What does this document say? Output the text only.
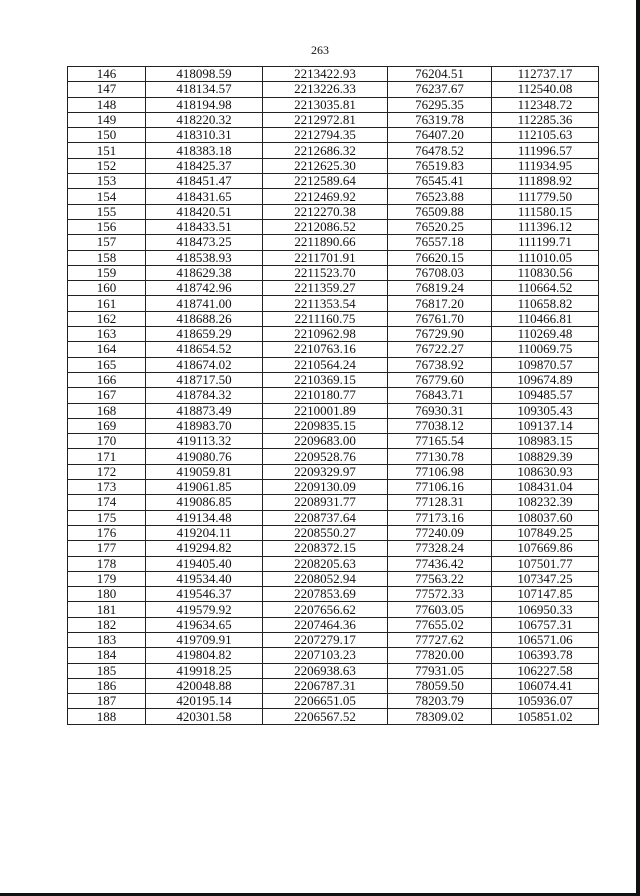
263
146	418098.59	2213422.93	76204.51	112737.17
147	418134.57	2213226.33	76237.67	112540.08
148	418194.98	2213035.81	76295.35	112348.72
149	418220.32	2212972.81	76319.78	112285.36
150	418310.31	2212794.35	76407.20	112105.63
151	418383.18	2212686.32	76478.52	111996.57
152	418425.37	2212625.30	76519.83	111934.95
153	418451.47	2212589.64	76545.41	111898.92
154	418431.65	2212469.92	76523.88	111779.50
155	418420.51	2212270.38	76509.88	111580.15
156	418433.51	2212086.52	76520.25	111396.12
157	418473.25	2211890.66	76557.18	111199.71
158	418538.93	2211701.91	76620.15	111010.05
159	418629.38	2211523.70	76708.03	110830.56
160	418742.96	2211359.27	76819.24	110664.52
161	418741.00	2211353.54	76817.20	110658.82
162	418688.26	2211160.75	76761.70	110466.81
163	418659.29	2210962.98	76729.90	110269.48
164	418654.52	2210763.16	76722.27	110069.75
165	418674.02	2210564.24	76738.92	109870.57
166	418717.50	2210369.15	76779.60	109674.89
167	418784.32	2210180.77	76843.71	109485.57
168	418873.49	2210001.89	76930.31	109305.43
169	418983.70	2209835.15	77038.12	109137.14
170	419113.32	2209683.00	77165.54	108983.15
171	419080.76	2209528.76	77130.78	108829.39
172	419059.81	2209329.97	77106.98	108630.93
173	419061.85	2209130.09	77106.16	108431.04
174	419086.85	2208931.77	77128.31	108232.39
175	419134.48	2208737.64	77173.16	108037.60
176	419204.11	2208550.27	77240.09	107849.25
177	419294.82	2208372.15	77328.24	107669.86
178	419405.40	2208205.63	77436.42	107501.77
179	419534.40	2208052.94	77563.22	107347.25
180	419546.37	2207853.69	77572.33	107147.85
181	419579.92	2207656.62	77603.05	106950.33
182	419634.65	2207464.36	77655.02	106757.31
183	419709.91	2207279.17	77727.62	106571.06
184	419804.82	2207103.23	77820.00	106393.78
185	419918.25	2206938.63	77931.05	106227.58
186	420048.88	2206787.31	78059.50	106074.41
187	420195.14	2206651.05	78203.79	105936.07
188	420301.58	2206567.52	78309.02	105851.02
